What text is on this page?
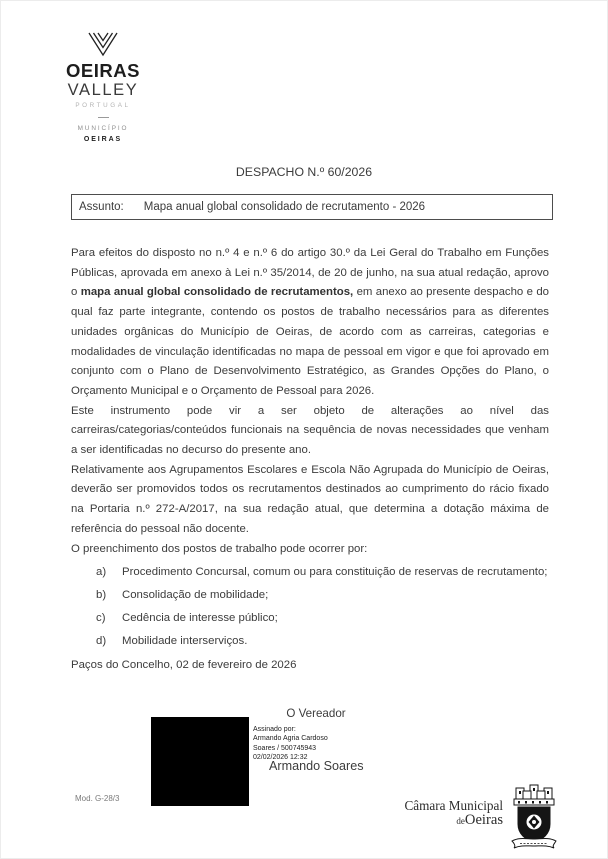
OEIRAS
VALLEY
PORTUGAL
MUNICÍPIO
OEIRAS
DESPACHO N.º 60/2026
Assunto: Mapa anual global consolidado de recrutamento - 2026

Para efeitos do disposto no n.º 4 e n.º 6 do artigo 30.º da Lei Geral do Trabalho em Funções Públicas, aprovada em anexo à Lei n.º 35/2014, de 20 de junho, na sua atual redação, aprovo o mapa anual global consolidado de recrutamentos, em anexo ao presente despacho e do qual faz parte integrante, contendo os postos de trabalho necessários para as diferentes unidades orgânicas do Município de Oeiras, de acordo com as carreiras, categorias e modalidades de vinculação identificadas no mapa de pessoal em vigor e que foi aprovado em conjunto com o Plano de Desenvolvimento Estratégico, as Grandes Opções do Plano, o Orçamento Municipal e o Orçamento de Pessoal para 2026.

Este instrumento pode vir a ser objeto de alterações ao nível das carreiras/categorias/conteúdos funcionais na sequência de novas necessidades que venham a ser identificadas no decurso do presente ano.

Relativamente aos Agrupamentos Escolares e Escola Não Agrupada do Município de Oeiras, deverão ser promovidos todos os recrutamentos destinados ao cumprimento do rácio fixado na Portaria n.º 272-A/2017, na sua redação atual, que determina a dotação máxima de referência do pessoal não docente.

O preenchimento dos postos de trabalho pode ocorrer por:

a)	Procedimento Concursal, comum ou para constituição de reservas de recrutamento;
b)	Consolidação de mobilidade;
c)	Cedência de interesse público;
d)	Mobilidade interserviços.
Paços do Concelho, 02 de fevereiro de 2026
O Vereador
Assinado por:
Armando Agria Cardoso
Soares / 500745943
02/02/2026 12:32
Armando Soares
Mod. G-28/3	Câmara Municipal
deOeiras
